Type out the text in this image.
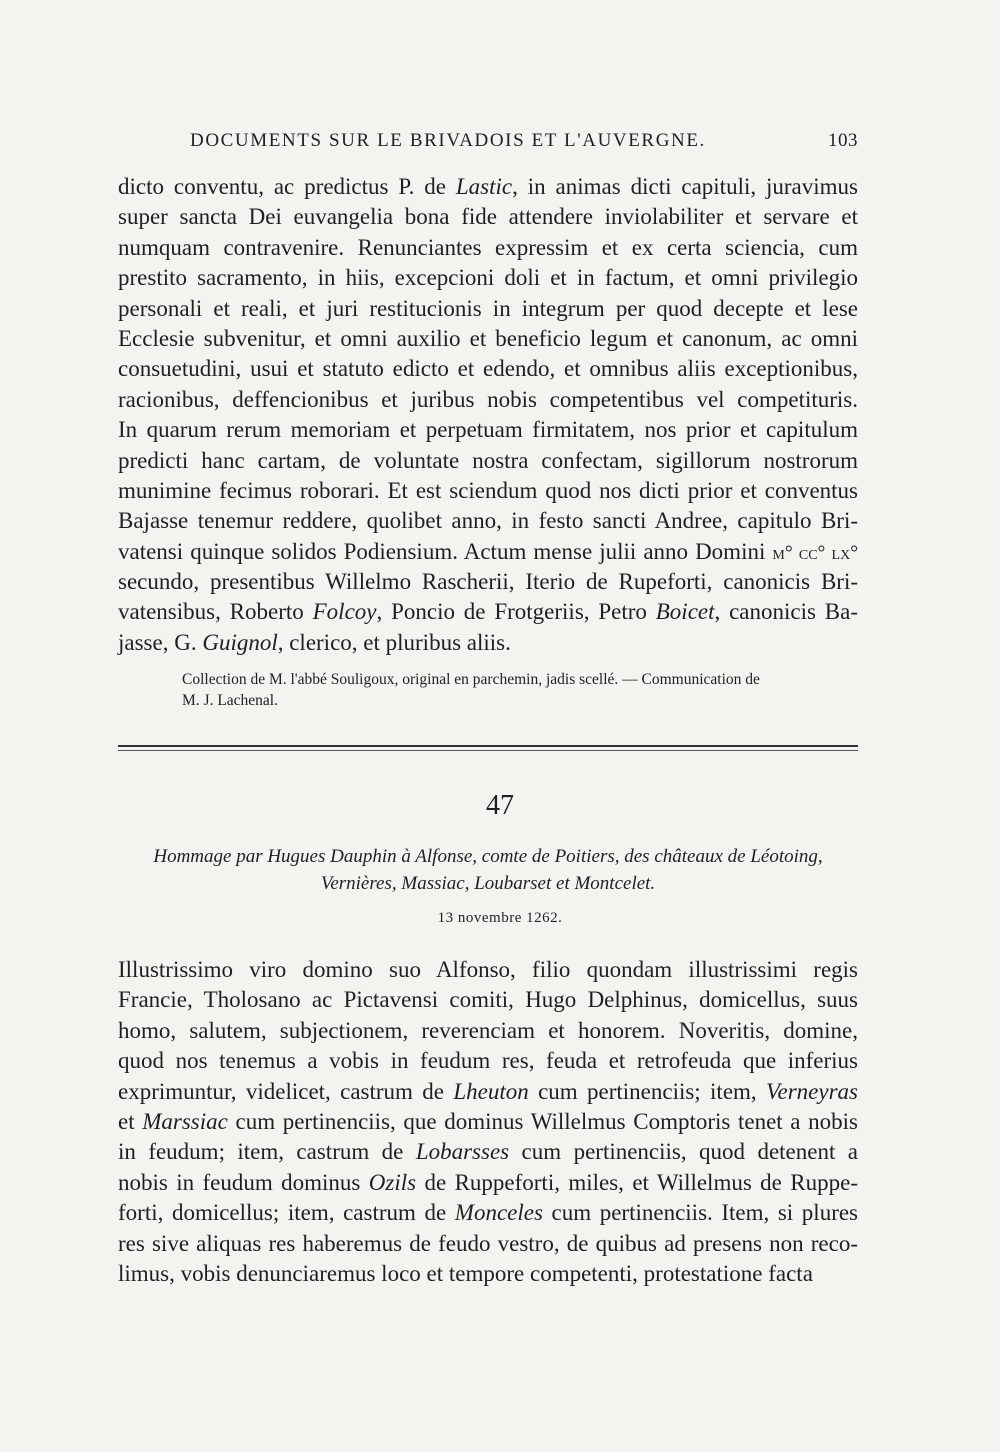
DOCUMENTS SUR LE BRIVADOIS ET L'AUVERGNE.	103
dicto conventu, ac predictus P. de Lastic, in animas dicti capituli, juravimus
super sancta Dei euvangelia bona fide attendere inviolabiliter et servare et
numquam contravenire. Renunciantes expressim et ex certa sciencia, cum
prestito sacramento, in hiis, excepcioni doli et in factum, et omni privilegio
personali et reali, et juri restitucionis in integrum per quod decepte et lese
Ecclesie subvenitur, et omni auxilio et beneficio legum et canonum, ac omni
consuetudini, usui et statuto edicto et edendo, et omnibus aliis exceptionibus,
racionibus, deffencionibus et juribus nobis competentibus vel competituris.
In quarum rerum memoriam et perpetuam firmitatem, nos prior et capitulum
predicti hanc cartam, de voluntate nostra confectam, sigillorum nostrorum
munimine fecimus roborari. Et est sciendum quod nos dicti prior et conventus
Bajasse tenemur reddere, quolibet anno, in festo sancti Andree, capitulo Bri-
vatensi quinque solidos Podiensium. Actum mense julii anno Domini m° cc° lx°
secundo, presentibus Willelmo Rascherii, Iterio de Rupeforti, canonicis Bri-
vatensibus, Roberto Folcoy, Poncio de Frotgeriis, Petro Boicet, canonicis Ba-
jasse, G. Guignol, clerico, et pluribus aliis.
Collection de M. l'abbé Souligoux, original en parchemin, jadis scellé. — Communication de
M. J. Lachenal.
47
Hommage par Hugues Dauphin à Alfonse, comte de Poitiers, des châteaux de Léotoing,
Vernières, Massiac, Loubarset et Montcelet.
13 novembre 1262.
Illustrissimo viro domino suo Alfonso, filio quondam illustrissimi regis
Francie, Tholosano ac Pictavensi comiti, Hugo Delphinus, domicellus, suus
homo, salutem, subjectionem, reverenciam et honorem. Noveritis, domine,
quod nos tenemus a vobis in feudum res, feuda et retrofeuda que inferius
exprimuntur, videlicet, castrum de Lheuton cum pertinenciis; item, Verneyras
et Marssiac cum pertinenciis, que dominus Willelmus Comptoris tenet a nobis
in feudum; item, castrum de Lobarsses cum pertinenciis, quod detenent a
nobis in feudum dominus Ozils de Ruppeforti, miles, et Willelmus de Ruppe-
forti, domicellus; item, castrum de Monceles cum pertinenciis. Item, si plures
res sive aliquas res haberemus de feudo vestro, de quibus ad presens non reco-
limus, vobis denunciaremus loco et tempore competenti, protestatione facta
